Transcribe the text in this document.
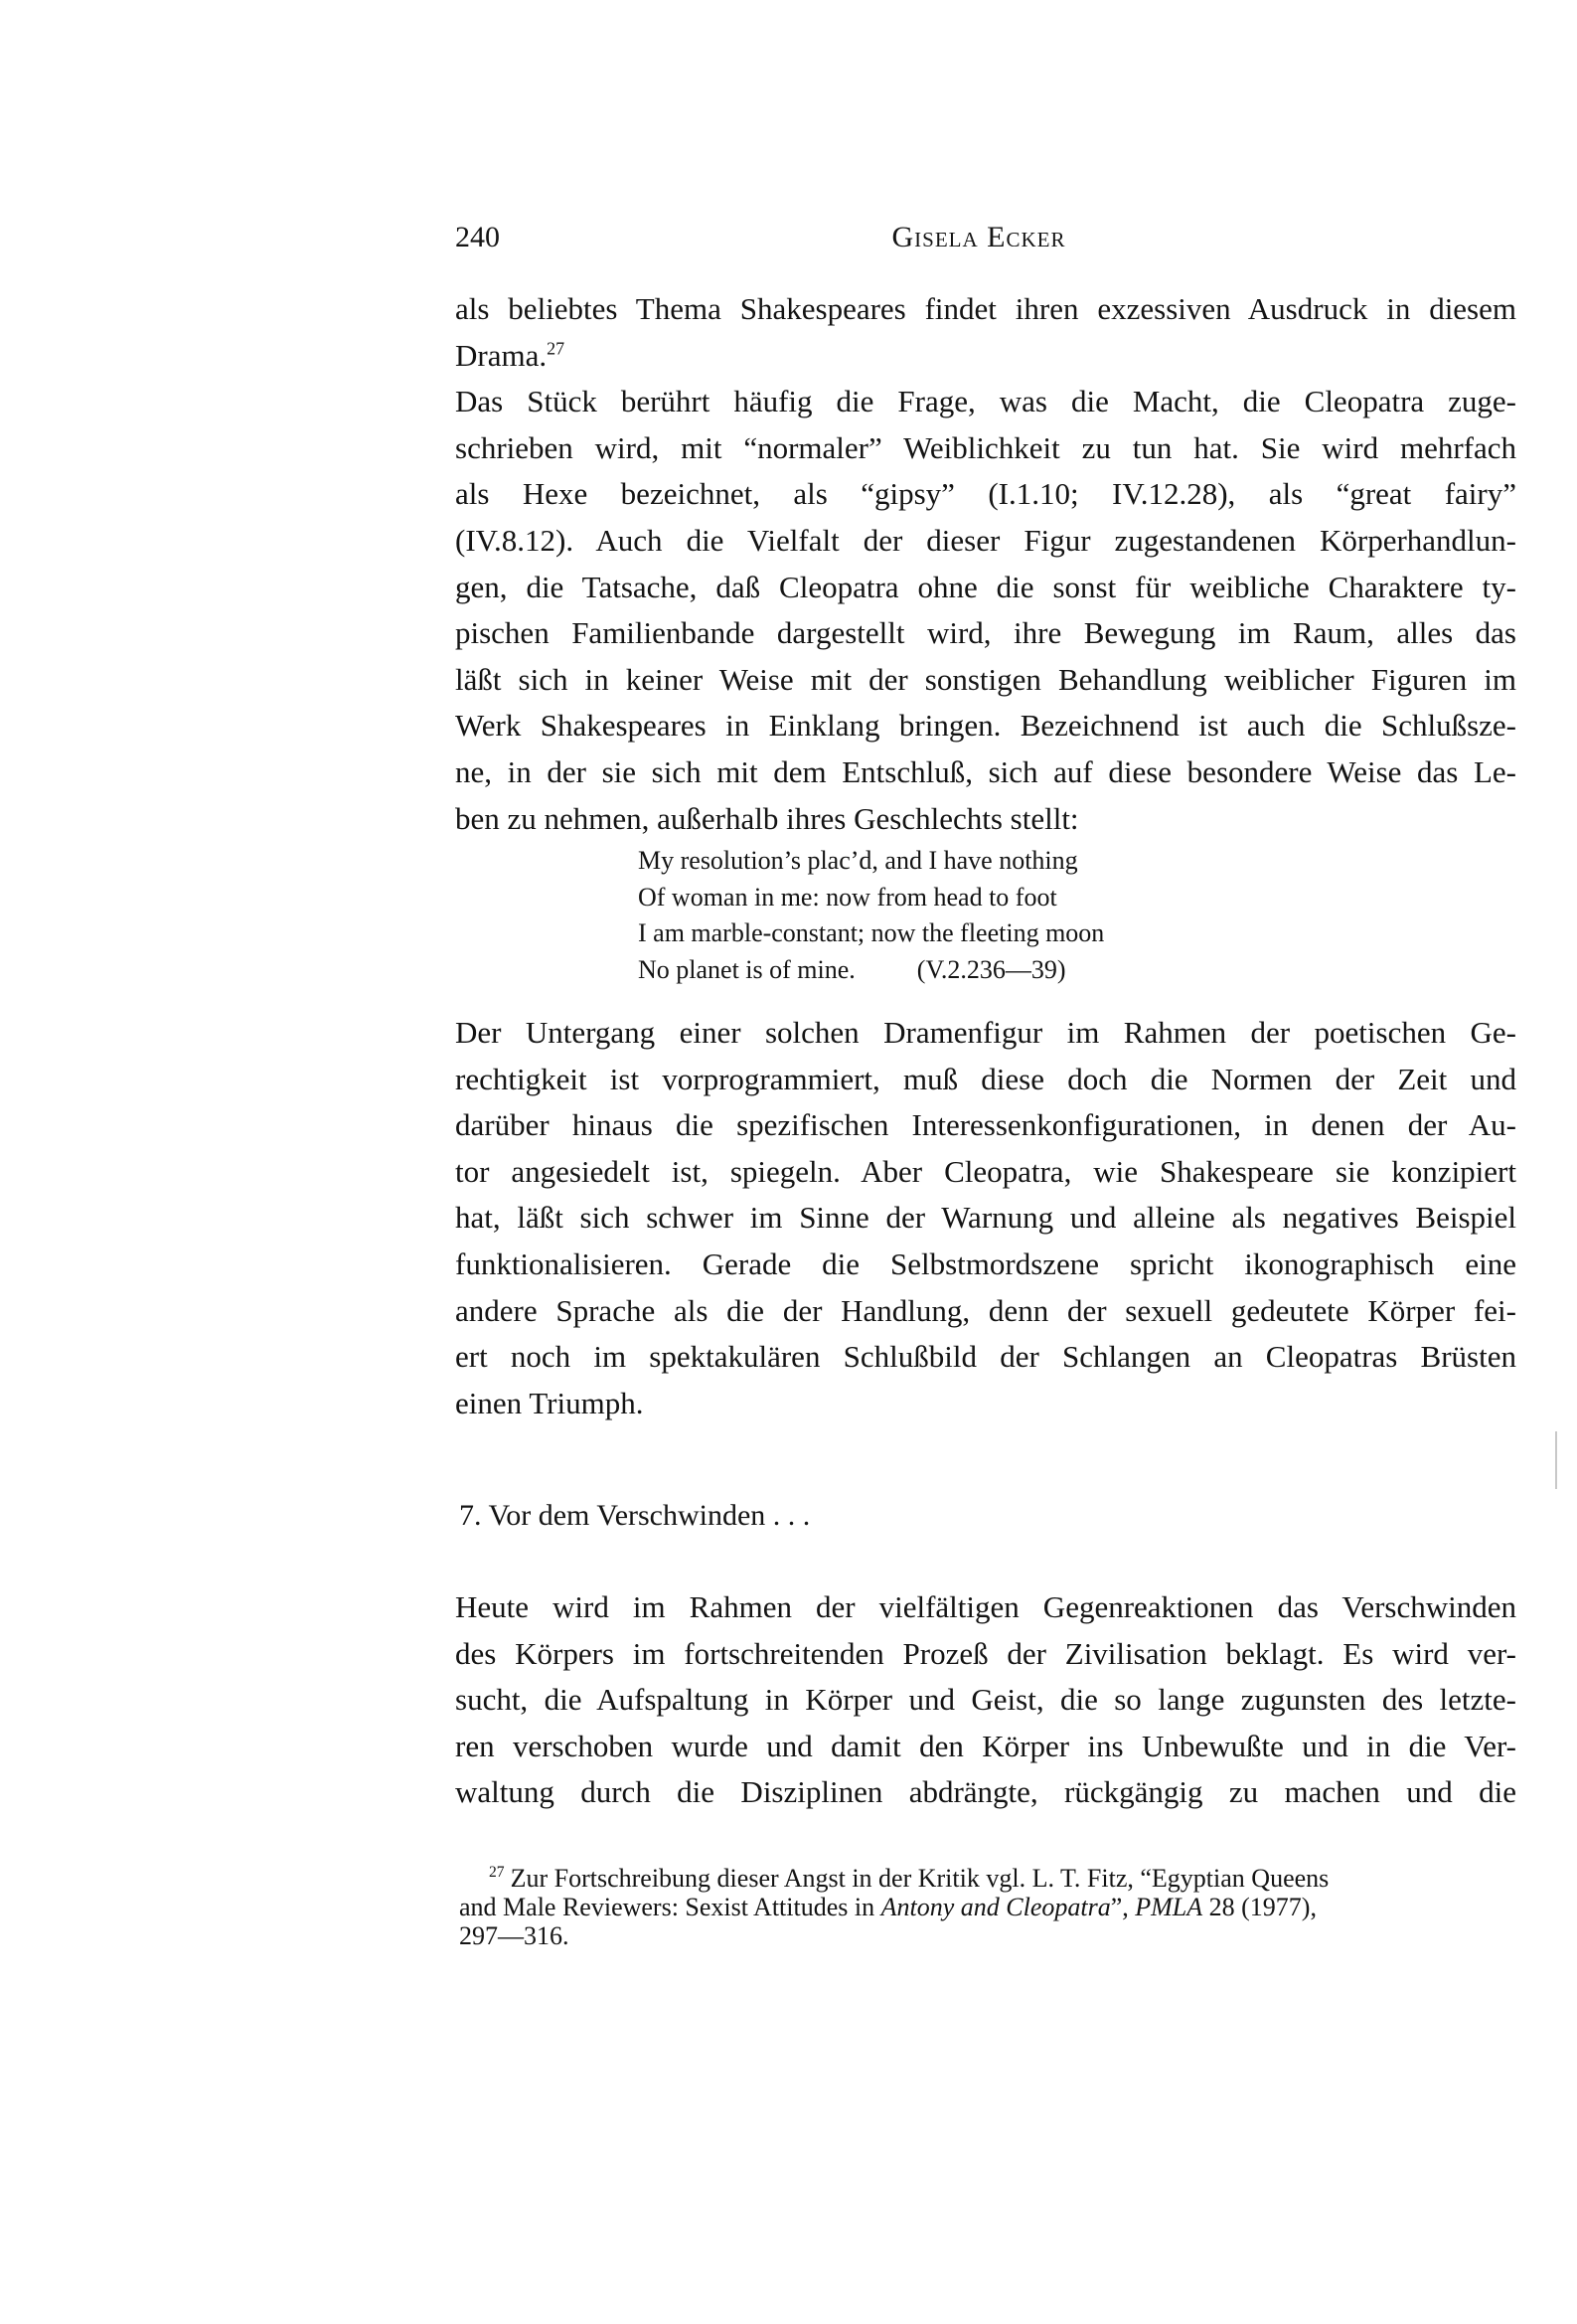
240	Gisela Ecker
als beliebtes Thema Shakespeares findet ihren exzessiven Ausdruck in diesem
Drama.$^{27}$
Das Stück berührt häufig die Frage, was die Macht, die Cleopatra zuge-
schrieben wird, mit “normaler” Weiblichkeit zu tun hat. Sie wird mehrfach
als Hexe bezeichnet, als “gipsy” (I.1.10; IV.12.28), als “great fairy”
(IV.8.12). Auch die Vielfalt der dieser Figur zugestandenen Körperhandlun-
gen, die Tatsache, daß Cleopatra ohne die sonst für weibliche Charaktere ty-
pischen Familienbande dargestellt wird, ihre Bewegung im Raum, alles das
läßt sich in keiner Weise mit der sonstigen Behandlung weiblicher Figuren im
Werk Shakespeares in Einklang bringen. Bezeichnend ist auch die Schlußsze-
ne, in der sie sich mit dem Entschluß, sich auf diese besondere Weise das Le-
ben zu nehmen, außerhalb ihres Geschlechts stellt:
My resolution’s plac’d, and I have nothing
Of woman in me: now from head to foot
I am marble-constant; now the fleeting moon
No planet is of mine. (V.2.236—39)
Der Untergang einer solchen Dramenfigur im Rahmen der poetischen Ge-
rechtigkeit ist vorprogrammiert, muß diese doch die Normen der Zeit und
darüber hinaus die spezifischen Interessenkonfigurationen, in denen der Au-
tor angesiedelt ist, spiegeln. Aber Cleopatra, wie Shakespeare sie konzipiert
hat, läßt sich schwer im Sinne der Warnung und alleine als negatives Beispiel
funktionalisieren. Gerade die Selbstmordszene spricht ikonographisch eine
andere Sprache als die der Handlung, denn der sexuell gedeutete Körper fei-
ert noch im spektakulären Schlußbild der Schlangen an Cleopatras Brüsten
einen Triumph.
7. Vor dem Verschwinden . . .
Heute wird im Rahmen der vielfältigen Gegenreaktionen das Verschwinden
des Körpers im fortschreitenden Prozeß der Zivilisation beklagt. Es wird ver-
sucht, die Aufspaltung in Körper und Geist, die so lange zugunsten des letzte-
ren verschoben wurde und damit den Körper ins Unbewußte und in die Ver-
waltung durch die Disziplinen abdrängte, rückgängig zu machen und die
$^{27}$ Zur Fortschreibung dieser Angst in der Kritik vgl. L. T. Fitz, “Egyptian Queens
and Male Reviewers: Sexist Attitudes in Antony and Cleopatra”, PMLA 28 (1977),
297—316.
